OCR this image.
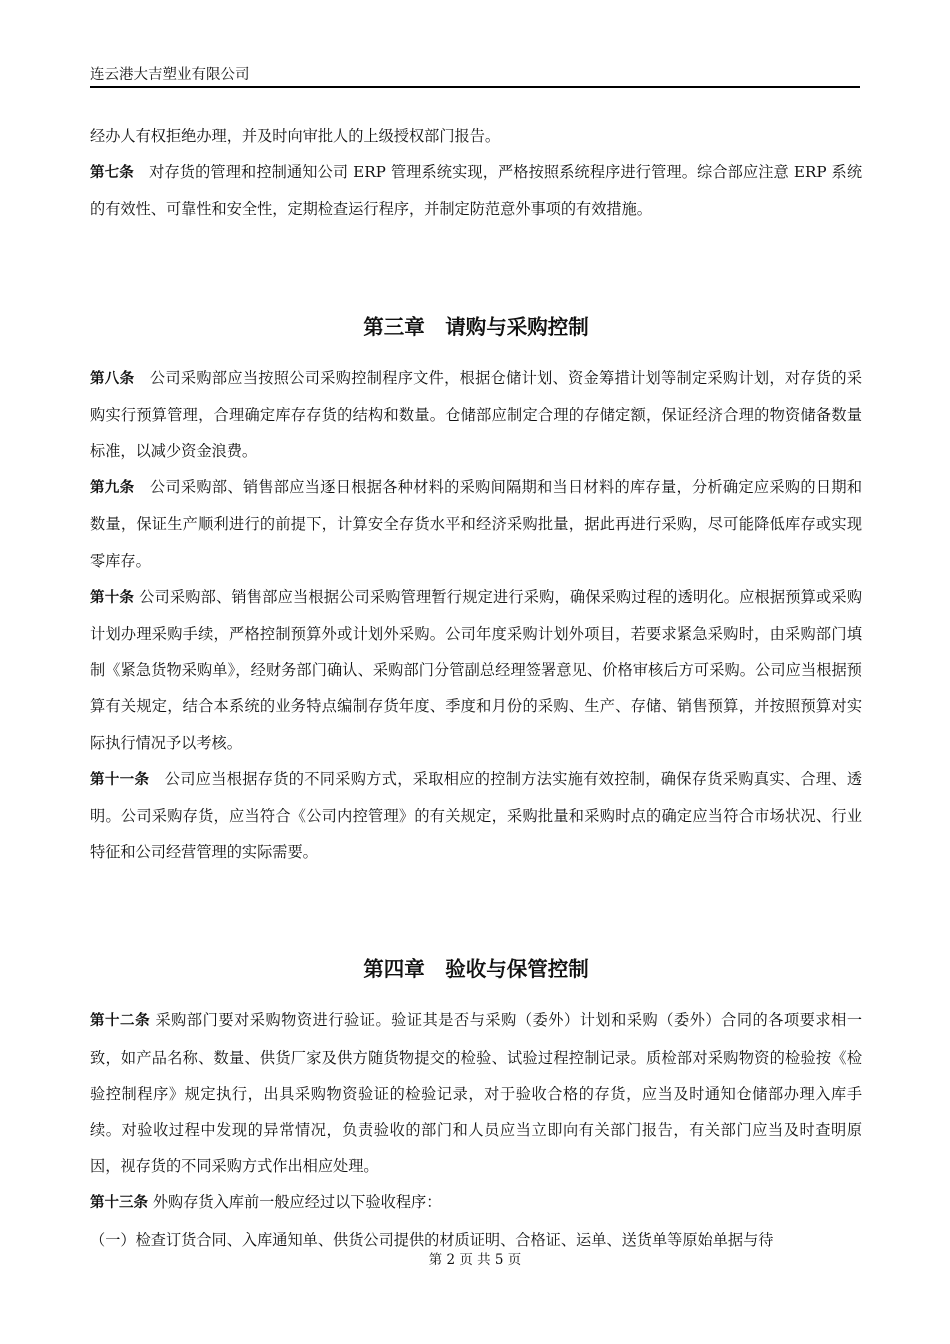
连云港大吉塑业有限公司

经办人有权拒绝办理，并及时向审批人的上级授权部门报告。

第七条　对存货的管理和控制通知公司 ERP 管理系统实现，严格按照系统程序进行管理。综合部应注意 ERP 系统的有效性、可靠性和安全性，定期检查运行程序，并制定防范意外事项的有效措施。

第三章　请购与采购控制

第八条　公司采购部应当按照公司采购控制程序文件，根据仓储计划、资金筹措计划等制定采购计划，对存货的采购实行预算管理，合理确定库存存货的结构和数量。仓储部应制定合理的存储定额，保证经济合理的物资储备数量标准，以减少资金浪费。

第九条　公司采购部、销售部应当逐日根据各种材料的采购间隔期和当日材料的库存量，分析确定应采购的日期和数量，保证生产顺利进行的前提下，计算安全存货水平和经济采购批量，据此再进行采购，尽可能降低库存或实现零库存。

第十条 公司采购部、销售部应当根据公司采购管理暂行规定进行采购，确保采购过程的透明化。应根据预算或采购计划办理采购手续，严格控制预算外或计划外采购。公司年度采购计划外项目，若要求紧急采购时，由采购部门填制《紧急货物采购单》，经财务部门确认、采购部门分管副总经理签署意见、价格审核后方可采购。公司应当根据预算有关规定，结合本系统的业务特点编制存货年度、季度和月份的采购、生产、存储、销售预算，并按照预算对实际执行情况予以考核。

第十一条　公司应当根据存货的不同采购方式，采取相应的控制方法实施有效控制，确保存货采购真实、合理、透明。公司采购存货，应当符合《公司内控管理》的有关规定，采购批量和采购时点的确定应当符合市场状况、行业特征和公司经营管理的实际需要。

第四章　验收与保管控制

第十二条 采购部门要对采购物资进行验证。验证其是否与采购（委外）计划和采购（委外）合同的各项要求相一致，如产品名称、数量、供货厂家及供方随货物提交的检验、试验过程控制记录。质检部对采购物资的检验按《检验控制程序》规定执行，出具采购物资验证的检验记录，对于验收合格的存货，应当及时通知仓储部办理入库手续。对验收过程中发现的异常情况，负责验收的部门和人员应当立即向有关部门报告，有关部门应当及时查明原因，视存货的不同采购方式作出相应处理。

第十三条 外购存货入库前一般应经过以下验收程序：

（一）检查订货合同、入库通知单、供货公司提供的材质证明、合格证、运单、送货单等原始单据与待

第 2 页 共 5 页
